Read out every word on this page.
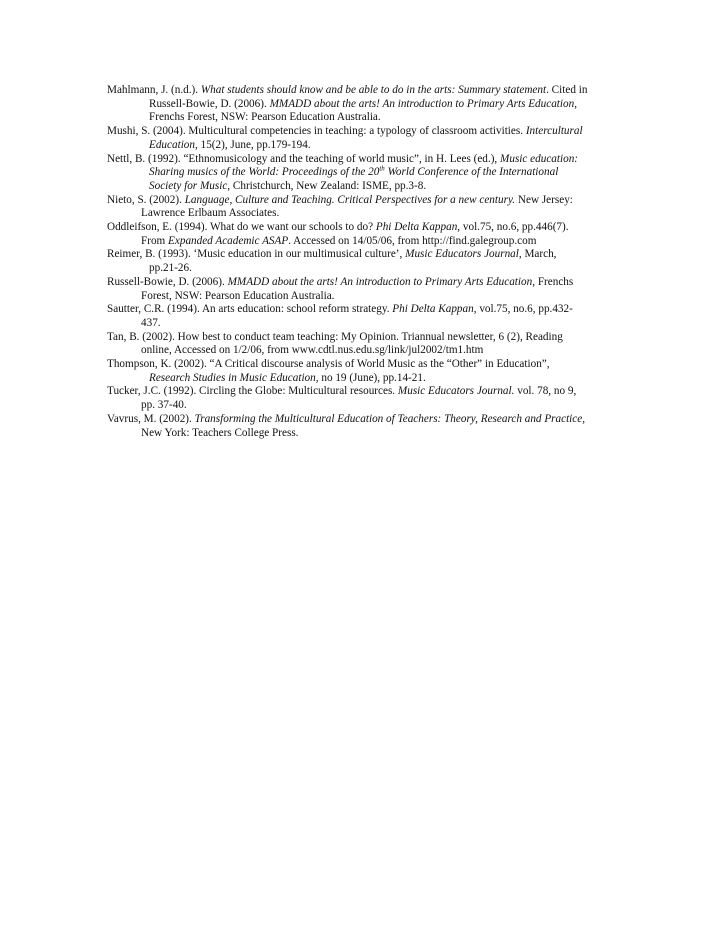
Mahlmann, J. (n.d.). What students should know and be able to do in the arts: Summary statement. Cited in
Russell-Bowie, D. (2006). MMADD about the arts! An introduction to Primary Arts Education,
Frenchs Forest, NSW: Pearson Education Australia.
Mushi, S. (2004). Multicultural competencies in teaching: a typology of classroom activities. Intercultural
Education, 15(2), June, pp.179-194.
Nettl, B. (1992). “Ethnomusicology and the teaching of world music”, in H. Lees (ed.), Music education:
Sharing musics of the World: Proceedings of the 20th World Conference of the International
Society for Music, Christchurch, New Zealand: ISME, pp.3-8.
Nieto, S. (2002). Language, Culture and Teaching. Critical Perspectives for a new century. New Jersey:
Lawrence Erlbaum Associates.
Oddleifson, E. (1994). What do we want our schools to do? Phi Delta Kappan, vol.75, no.6, pp.446(7).
From Expanded Academic ASAP. Accessed on 14/05/06, from http://find.galegroup.com
Reimer, B. (1993). ‘Music education in our multimusical culture’, Music Educators Journal, March,
pp.21-26.
Russell-Bowie, D. (2006). MMADD about the arts! An introduction to Primary Arts Education, Frenchs
Forest, NSW: Pearson Education Australia.
Sautter, C.R. (1994). An arts education: school reform strategy. Phi Delta Kappan, vol.75, no.6, pp.432-
437.
Tan, B. (2002). How best to conduct team teaching: My Opinion. Triannual newsletter, 6 (2), Reading
online, Accessed on 1/2/06, from www.cdtl.nus.edu.sg/link/jul2002/tm1.htm
Thompson, K. (2002). “A Critical discourse analysis of World Music as the “Other” in Education”,
Research Studies in Music Education, no 19 (June), pp.14-21.
Tucker, J.C. (1992). Circling the Globe: Multicultural resources. Music Educators Journal. vol. 78, no 9,
pp. 37-40.
Vavrus, M. (2002). Transforming the Multicultural Education of Teachers: Theory, Research and Practice,
New York: Teachers College Press.
